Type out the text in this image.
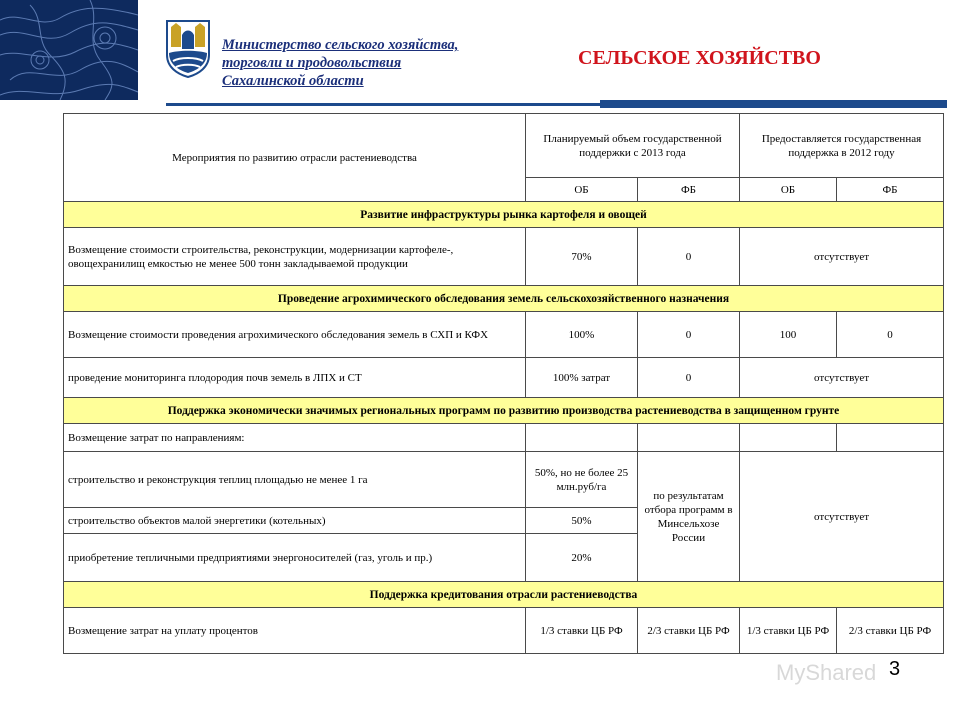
Министерство сельского хозяйства,
торговли и продовольствия
Сахалинской области
СЕЛЬСКОЕ ХОЗЯЙСТВО
Мероприятия по развитию отрасли растениеводства	Планируемый объем государственной поддержки с 2013 года		Предоставляется государственная поддержка в 2012 году	
	ОБ	ФБ	ОБ	ФБ
Развитие инфраструктуры рынка картофеля и овощей				
Возмещение стоимости строительства, реконструкции, модернизации картофеле-, овощехранилищ емкостью не менее 500 тонн закладываемой продукции	70%	0	отсутствует	
Проведение агрохимического обследования земель сельскохозяйственного назначения				
Возмещение стоимости проведения агрохимического обследования земель в СХП и КФХ	100%	0	100	0
проведение мониторинга плодородия почв земель в ЛПХ и СТ	100% затрат	0	отсутствует	
Поддержка экономически значимых региональных программ по развитию производства растениеводства в защищенном грунте				
Возмещение затрат по направлениям:				
строительство и реконструкция теплиц площадью не менее 1 га	50%, но не более 25 млн.руб/га	по результатам отбора программ в Минсельхозе России	отсутствует	
строительство объектов малой энергетики (котельных)	50%			
приобретение тепличными предприятиями энергоносителей (газ, уголь и пр.)	20%			
Поддержка кредитования отрасли растениеводства				
Возмещение затрат на уплату процентов	1/3 ставки ЦБ РФ	2/3 ставки ЦБ РФ	1/3 ставки ЦБ РФ	2/3 ставки ЦБ РФ
MyShared 3
